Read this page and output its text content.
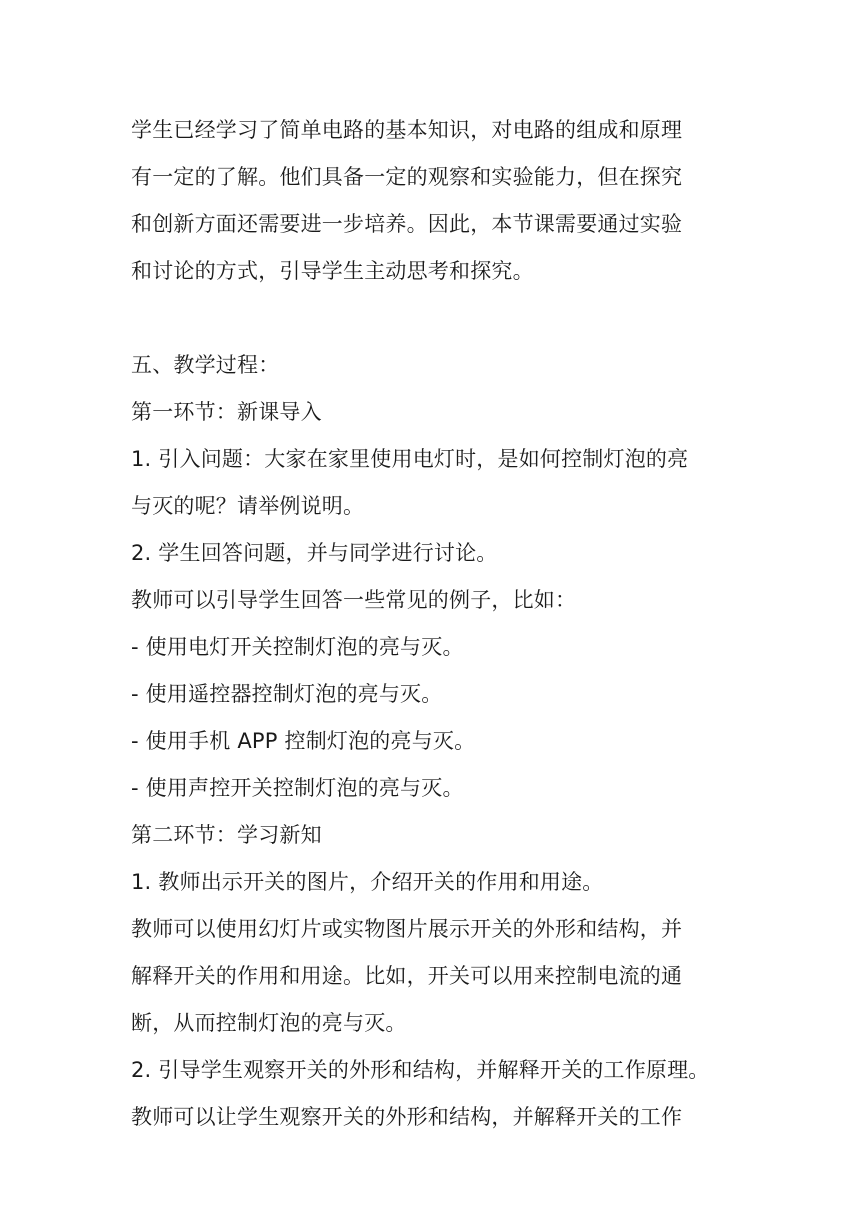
学生已经学习了简单电路的基本知识，对电路的组成和原理
有一定的了解。他们具备一定的观察和实验能力，但在探究
和创新方面还需要进一步培养。因此，本节课需要通过实验
和讨论的方式，引导学生主动思考和探究。
五、教学过程：
第一环节：新课导入
1. 引入问题：大家在家里使用电灯时，是如何控制灯泡的亮
与灭的呢？请举例说明。
2. 学生回答问题，并与同学进行讨论。
教师可以引导学生回答一些常见的例子，比如：
- 使用电灯开关控制灯泡的亮与灭。
- 使用遥控器控制灯泡的亮与灭。
- 使用手机 APP 控制灯泡的亮与灭。
- 使用声控开关控制灯泡的亮与灭。
第二环节：学习新知
1. 教师出示开关的图片，介绍开关的作用和用途。
教师可以使用幻灯片或实物图片展示开关的外形和结构，并
解释开关的作用和用途。比如，开关可以用来控制电流的通
断，从而控制灯泡的亮与灭。
2. 引导学生观察开关的外形和结构，并解释开关的工作原理。
教师可以让学生观察开关的外形和结构，并解释开关的工作
